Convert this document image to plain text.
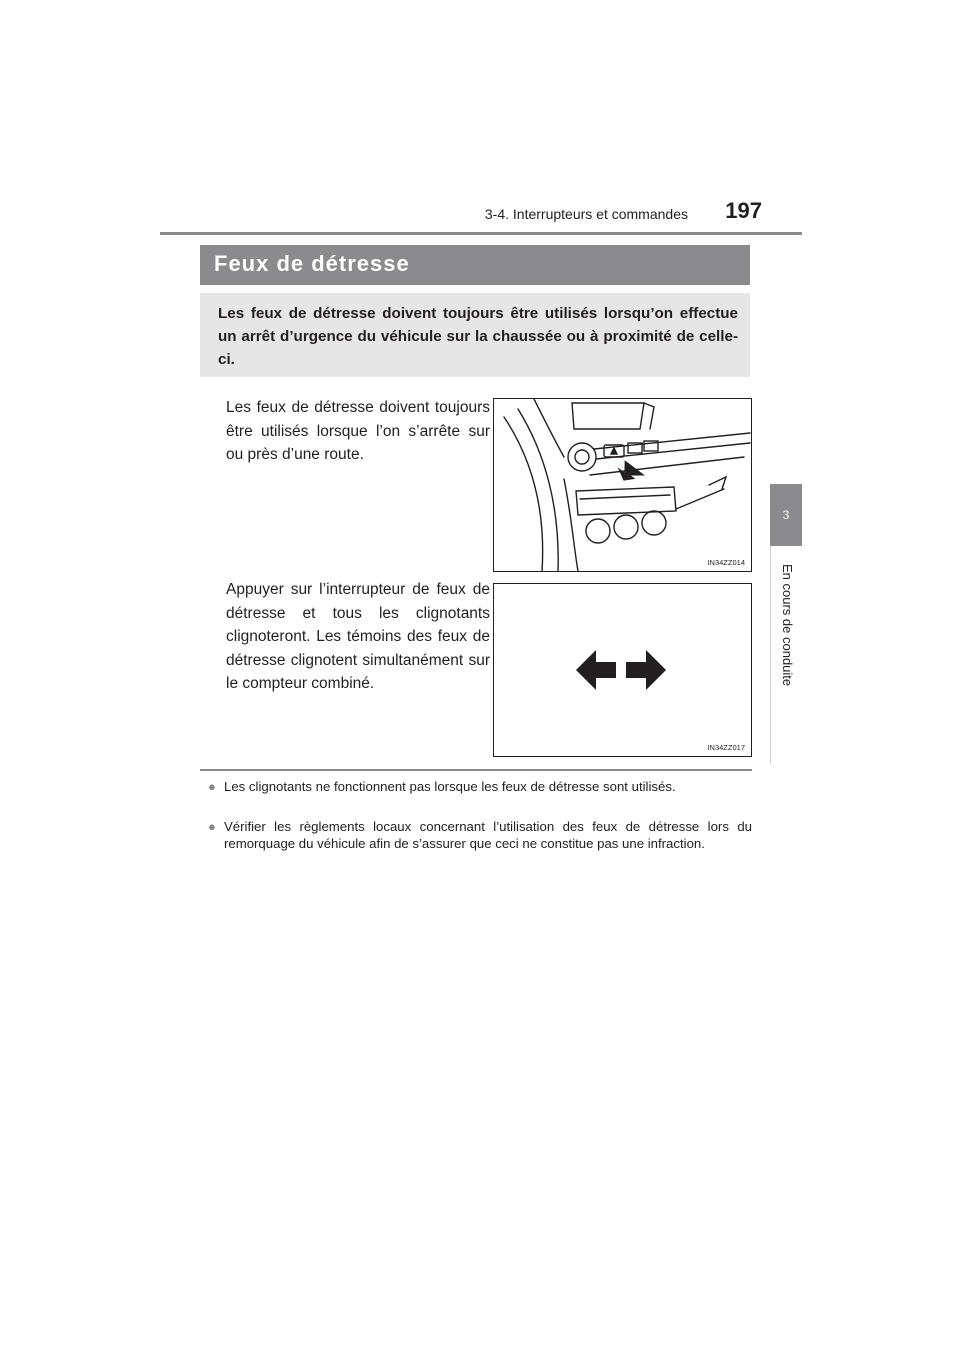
3-4. Interrupteurs et commandes	197
3
En cours de conduite
Feux de détresse
Les feux de détresse doivent toujours être utilisés lorsqu’on effectue un arrêt d’urgence du véhicule sur la chaussée ou à proximité de celle-ci.
Les feux de détresse doivent toujours être utilisés lorsque l’on s’arrête sur ou près d’une route.
Appuyer sur l’interrupteur de feux de détresse et tous les clignotants clignoteront. Les témoins des feux de détresse clignotent simultanément sur le compteur combiné.
IN34ZZ014
IN34ZZ017
● Les clignotants ne fonctionnent pas lorsque les feux de détresse sont utilisés.
● Vérifier les règlements locaux concernant l’utilisation des feux de détresse lors du remorquage du véhicule afin de s’assurer que ceci ne constitue pas une infraction.
